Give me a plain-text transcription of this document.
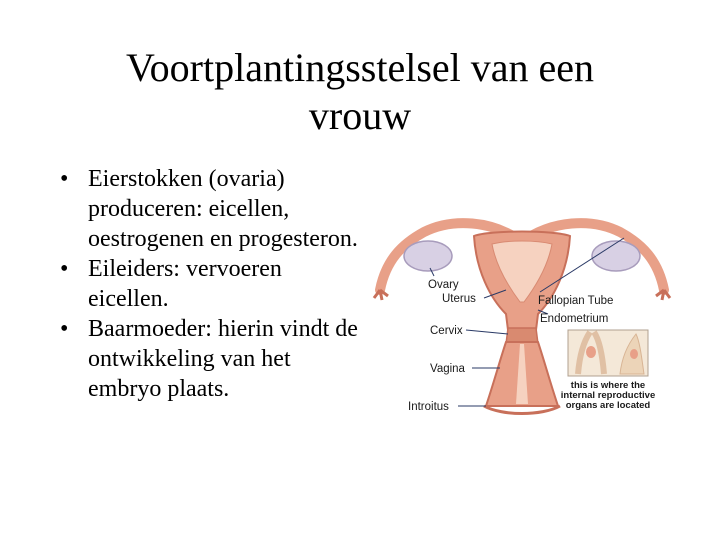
Voortplantingsstelsel van een
vrouw
• Eierstokken (ovaria) produceren: eicellen, oestrogenen en progesteron.
• Eileiders: vervoeren eicellen.
• Baarmoeder: hierin vindt de ontwikkeling van het embryo plaats.
Ovary
Uterus
Cervix
Vagina
Introitus
Fallopian Tube
Endometrium
this is where the
internal reproductive
organs are located
